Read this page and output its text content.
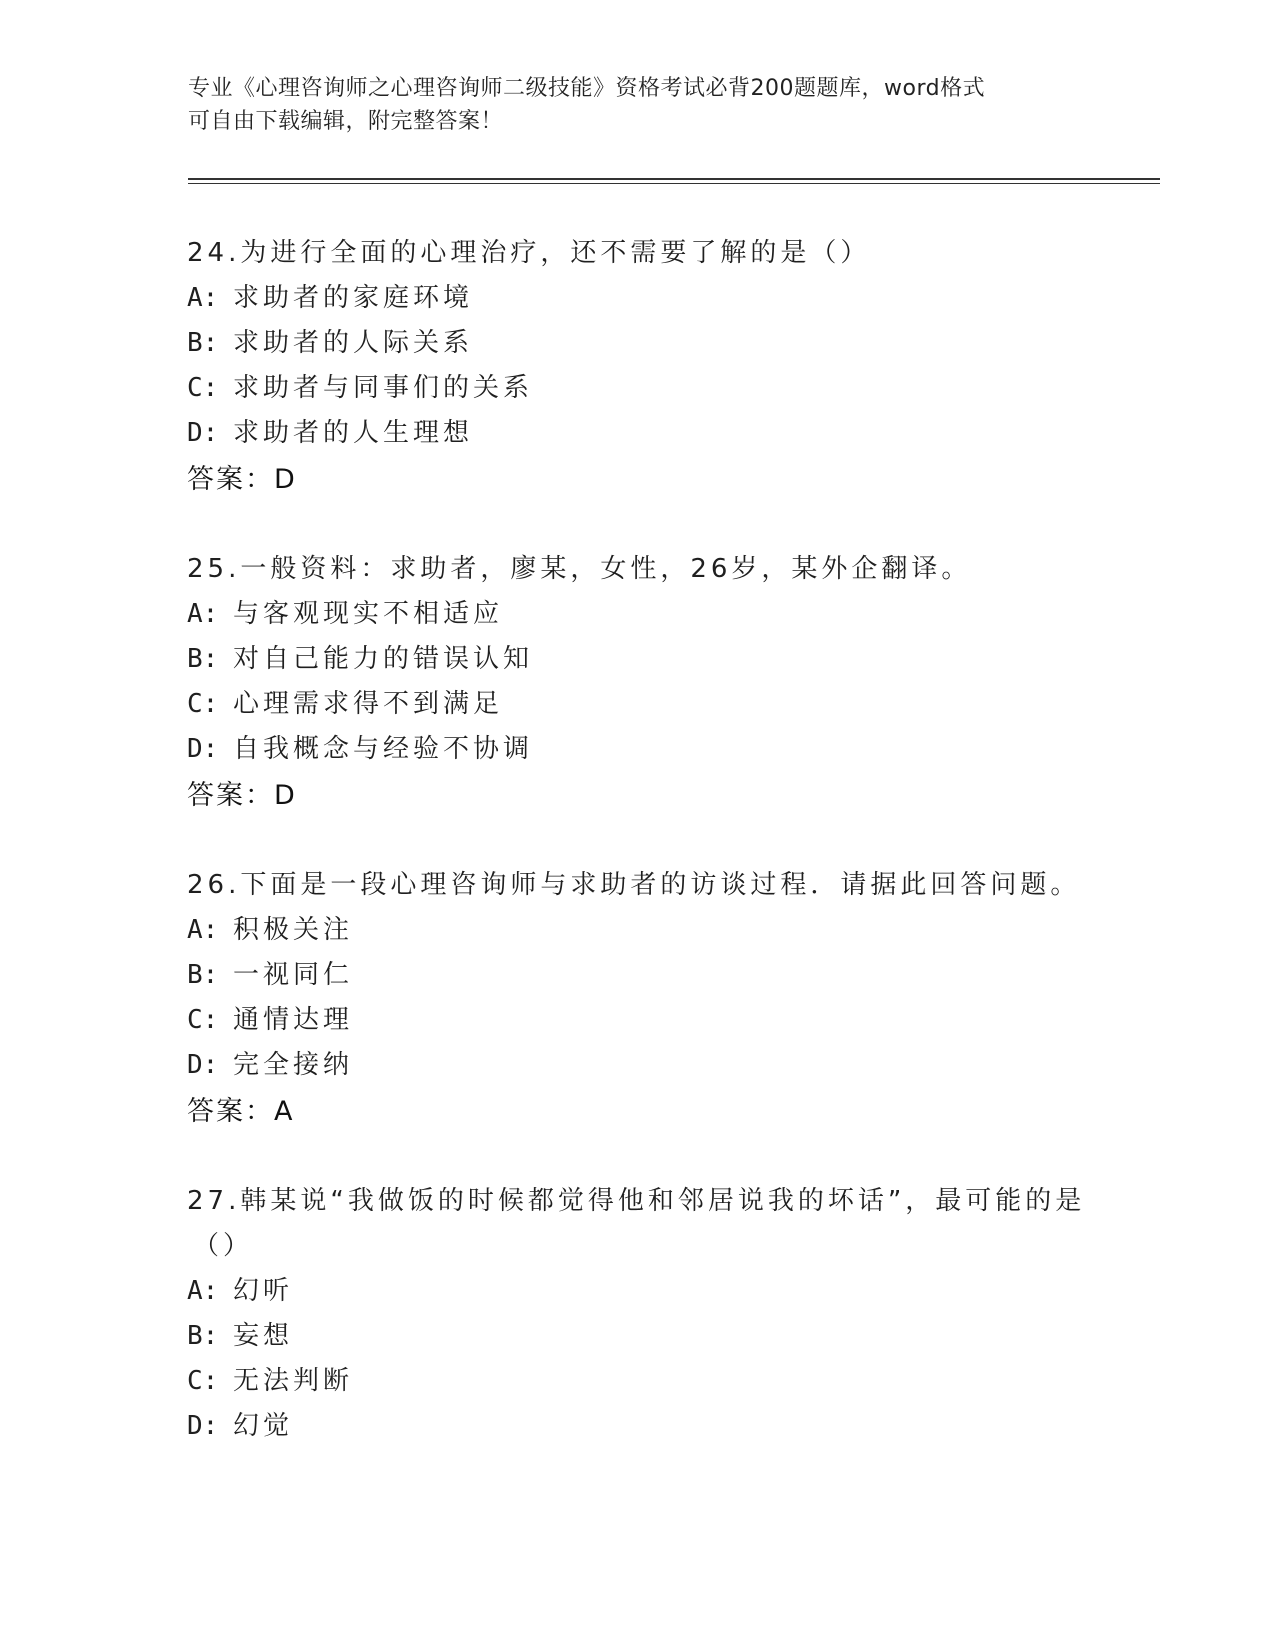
专业《心理咨询师之心理咨询师二级技能》资格考试必背200题题库，word格式
可自由下载编辑，附完整答案！
24.为进行全面的心理治疗，还不需要了解的是（）
A: 求助者的家庭环境
B: 求助者的人际关系
C: 求助者与同事们的关系
D: 求助者的人生理想
答案：D
25.一般资料：求助者，廖某，女性，26岁，某外企翻译。
A: 与客观现实不相适应
B: 对自己能力的错误认知
C: 心理需求得不到满足
D: 自我概念与经验不协调
答案：D
26.下面是一段心理咨询师与求助者的访谈过程．请据此回答问题。
A: 积极关注
B: 一视同仁
C: 通情达理
D: 完全接纳
答案：A
27.韩某说“我做饭的时候都觉得他和邻居说我的坏话”，最可能的是
（）
A: 幻听
B: 妄想
C: 无法判断
D: 幻觉
